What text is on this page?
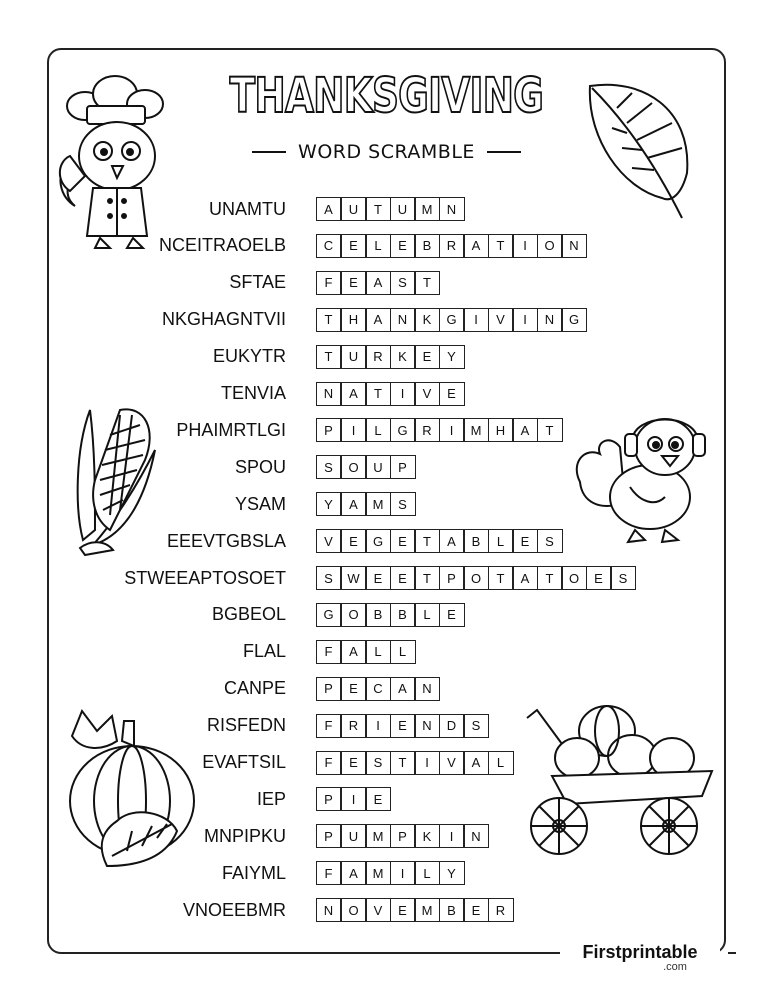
THANKSGIVING
WORD SCRAMBLE
UNAMTU	A	U	T	U	M	N
NCEITRAOELB	C	E	L	E	B	R	A	T	I	O	N
SFTAE	F	E	A	S	T
NKGHAGNTVII	T	H	A	N	K	G	I	V	I	N	G
EUKYTR	T	U	R	K	E	Y
TENVIA	N	A	T	I	V	E
PHAIMRTLGI	P	I	L	G	R	I	M	H	A	T
SPOU	S	O	U	P
YSAM	Y	A	M	S
EEEVTGBSLA	V	E	G	E	T	A	B	L	E	S
STWEEAPTOSOET	S	W	E	E	T	P	O	T	A	T	O	E	S
BGBEOL	G	O	B	B	L	E
FLAL	F	A	L	L
CANPE	P	E	C	A	N
RISFEDN	F	R	I	E	N	D	S
EVAFTSIL	F	E	S	T	I	V	A	L
IEP	P	I	E
MNPIPKU	P	U	M	P	K	I	N
FAIYML	F	A	M	I	L	Y
VNOEEBMR	N	O	V	E	M	B	E	R
Firstprintable
.com
